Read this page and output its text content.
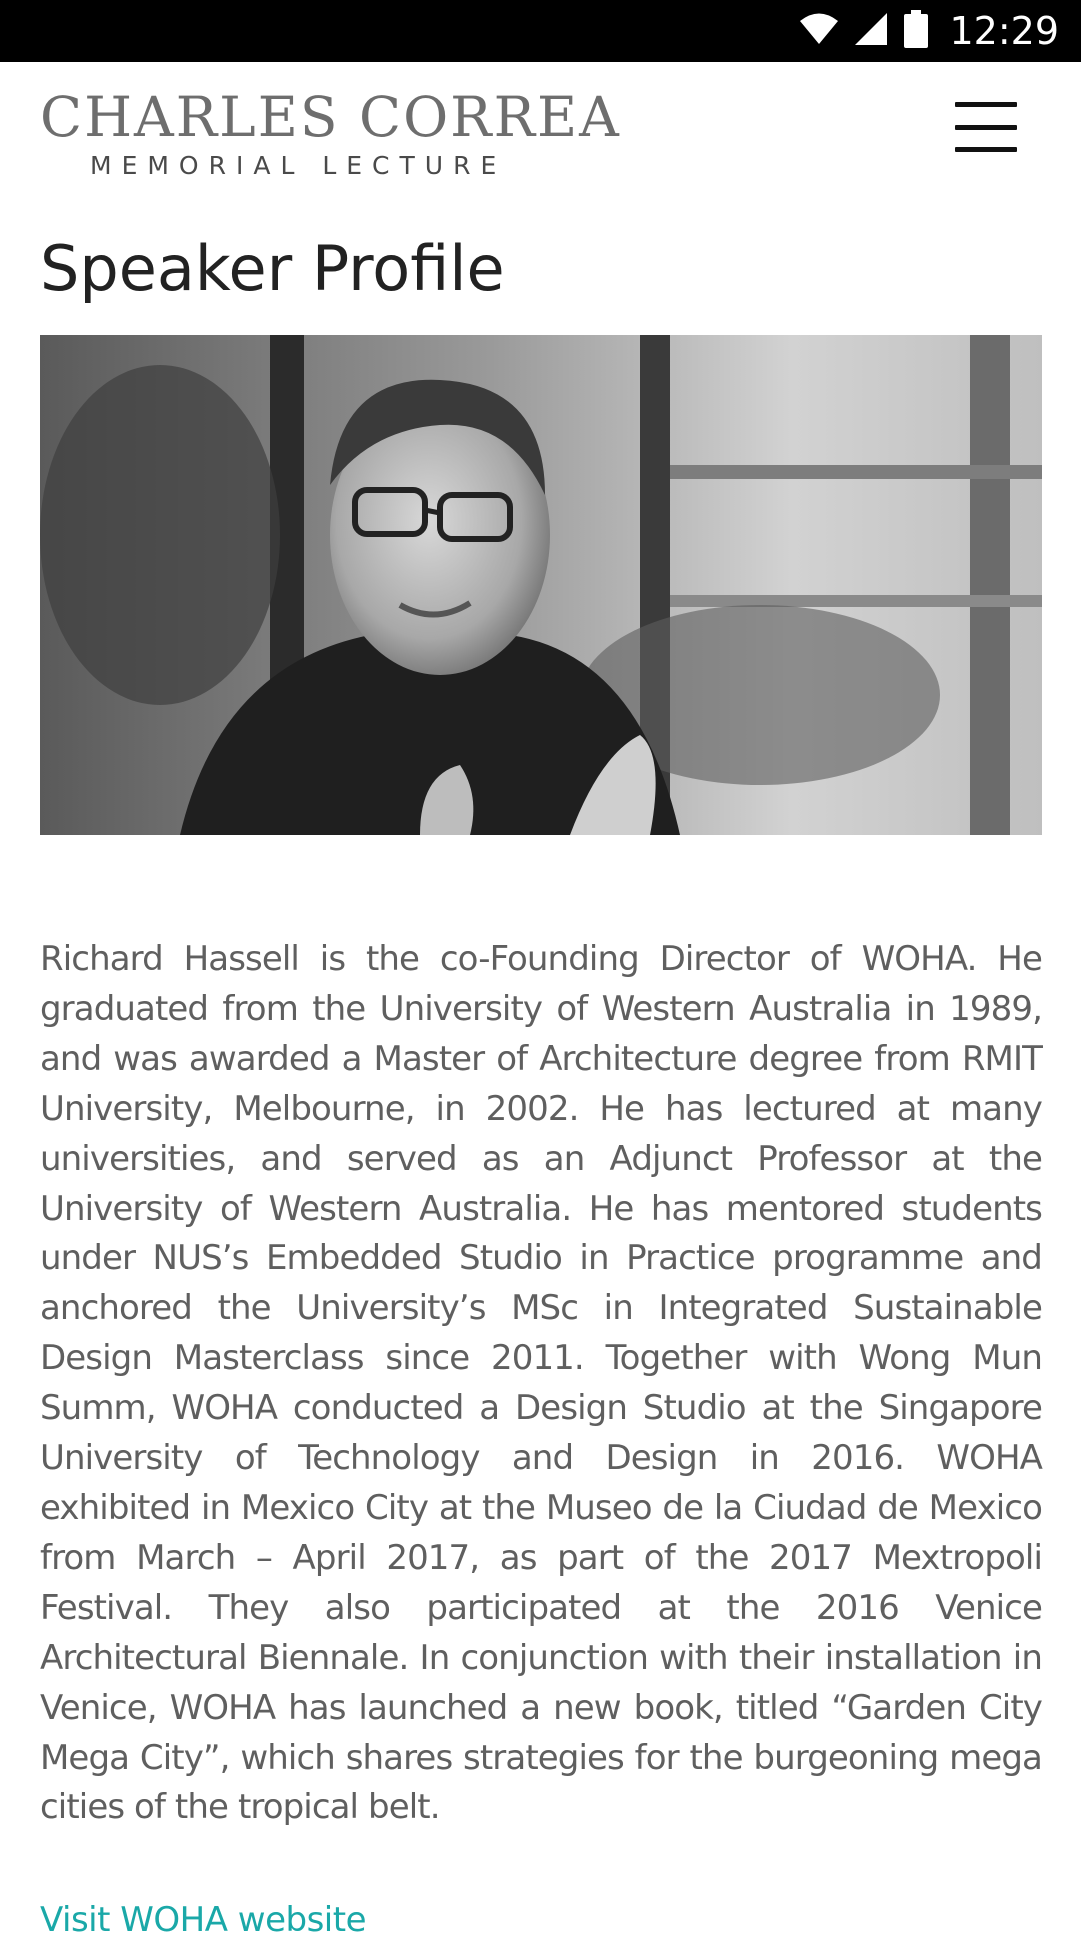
12:29
CHARLES CORREA
MEMORIAL LECTURE
Speaker Profile

Richard Hassell is the co-Founding Director of WOHA. He graduated from the University of Western Australia in 1989, and was awarded a Master of Architecture degree from RMIT University, Melbourne, in 2002. He has lectured at many universities, and served as an Adjunct Professor at the University of Western Australia. He has mentored students under NUS’s Embedded Studio in Practice programme and anchored the University’s MSc in Integrated Sustainable Design Masterclass since 2011. Together with Wong Mun Summ, WOHA conducted a Design Studio at the Singapore University of Technology and Design in 2016. WOHA exhibited in Mexico City at the Museo de la Ciudad de Mexico from March – April 2017, as part of the 2017 Mextropoli Festival. They also participated at the 2016 Venice Architectural Biennale. In conjunction with their installation in Venice, WOHA has launched a new book, titled “Garden City Mega City”, which shares strategies for the burgeoning mega cities of the tropical belt.

Visit WOHA website
